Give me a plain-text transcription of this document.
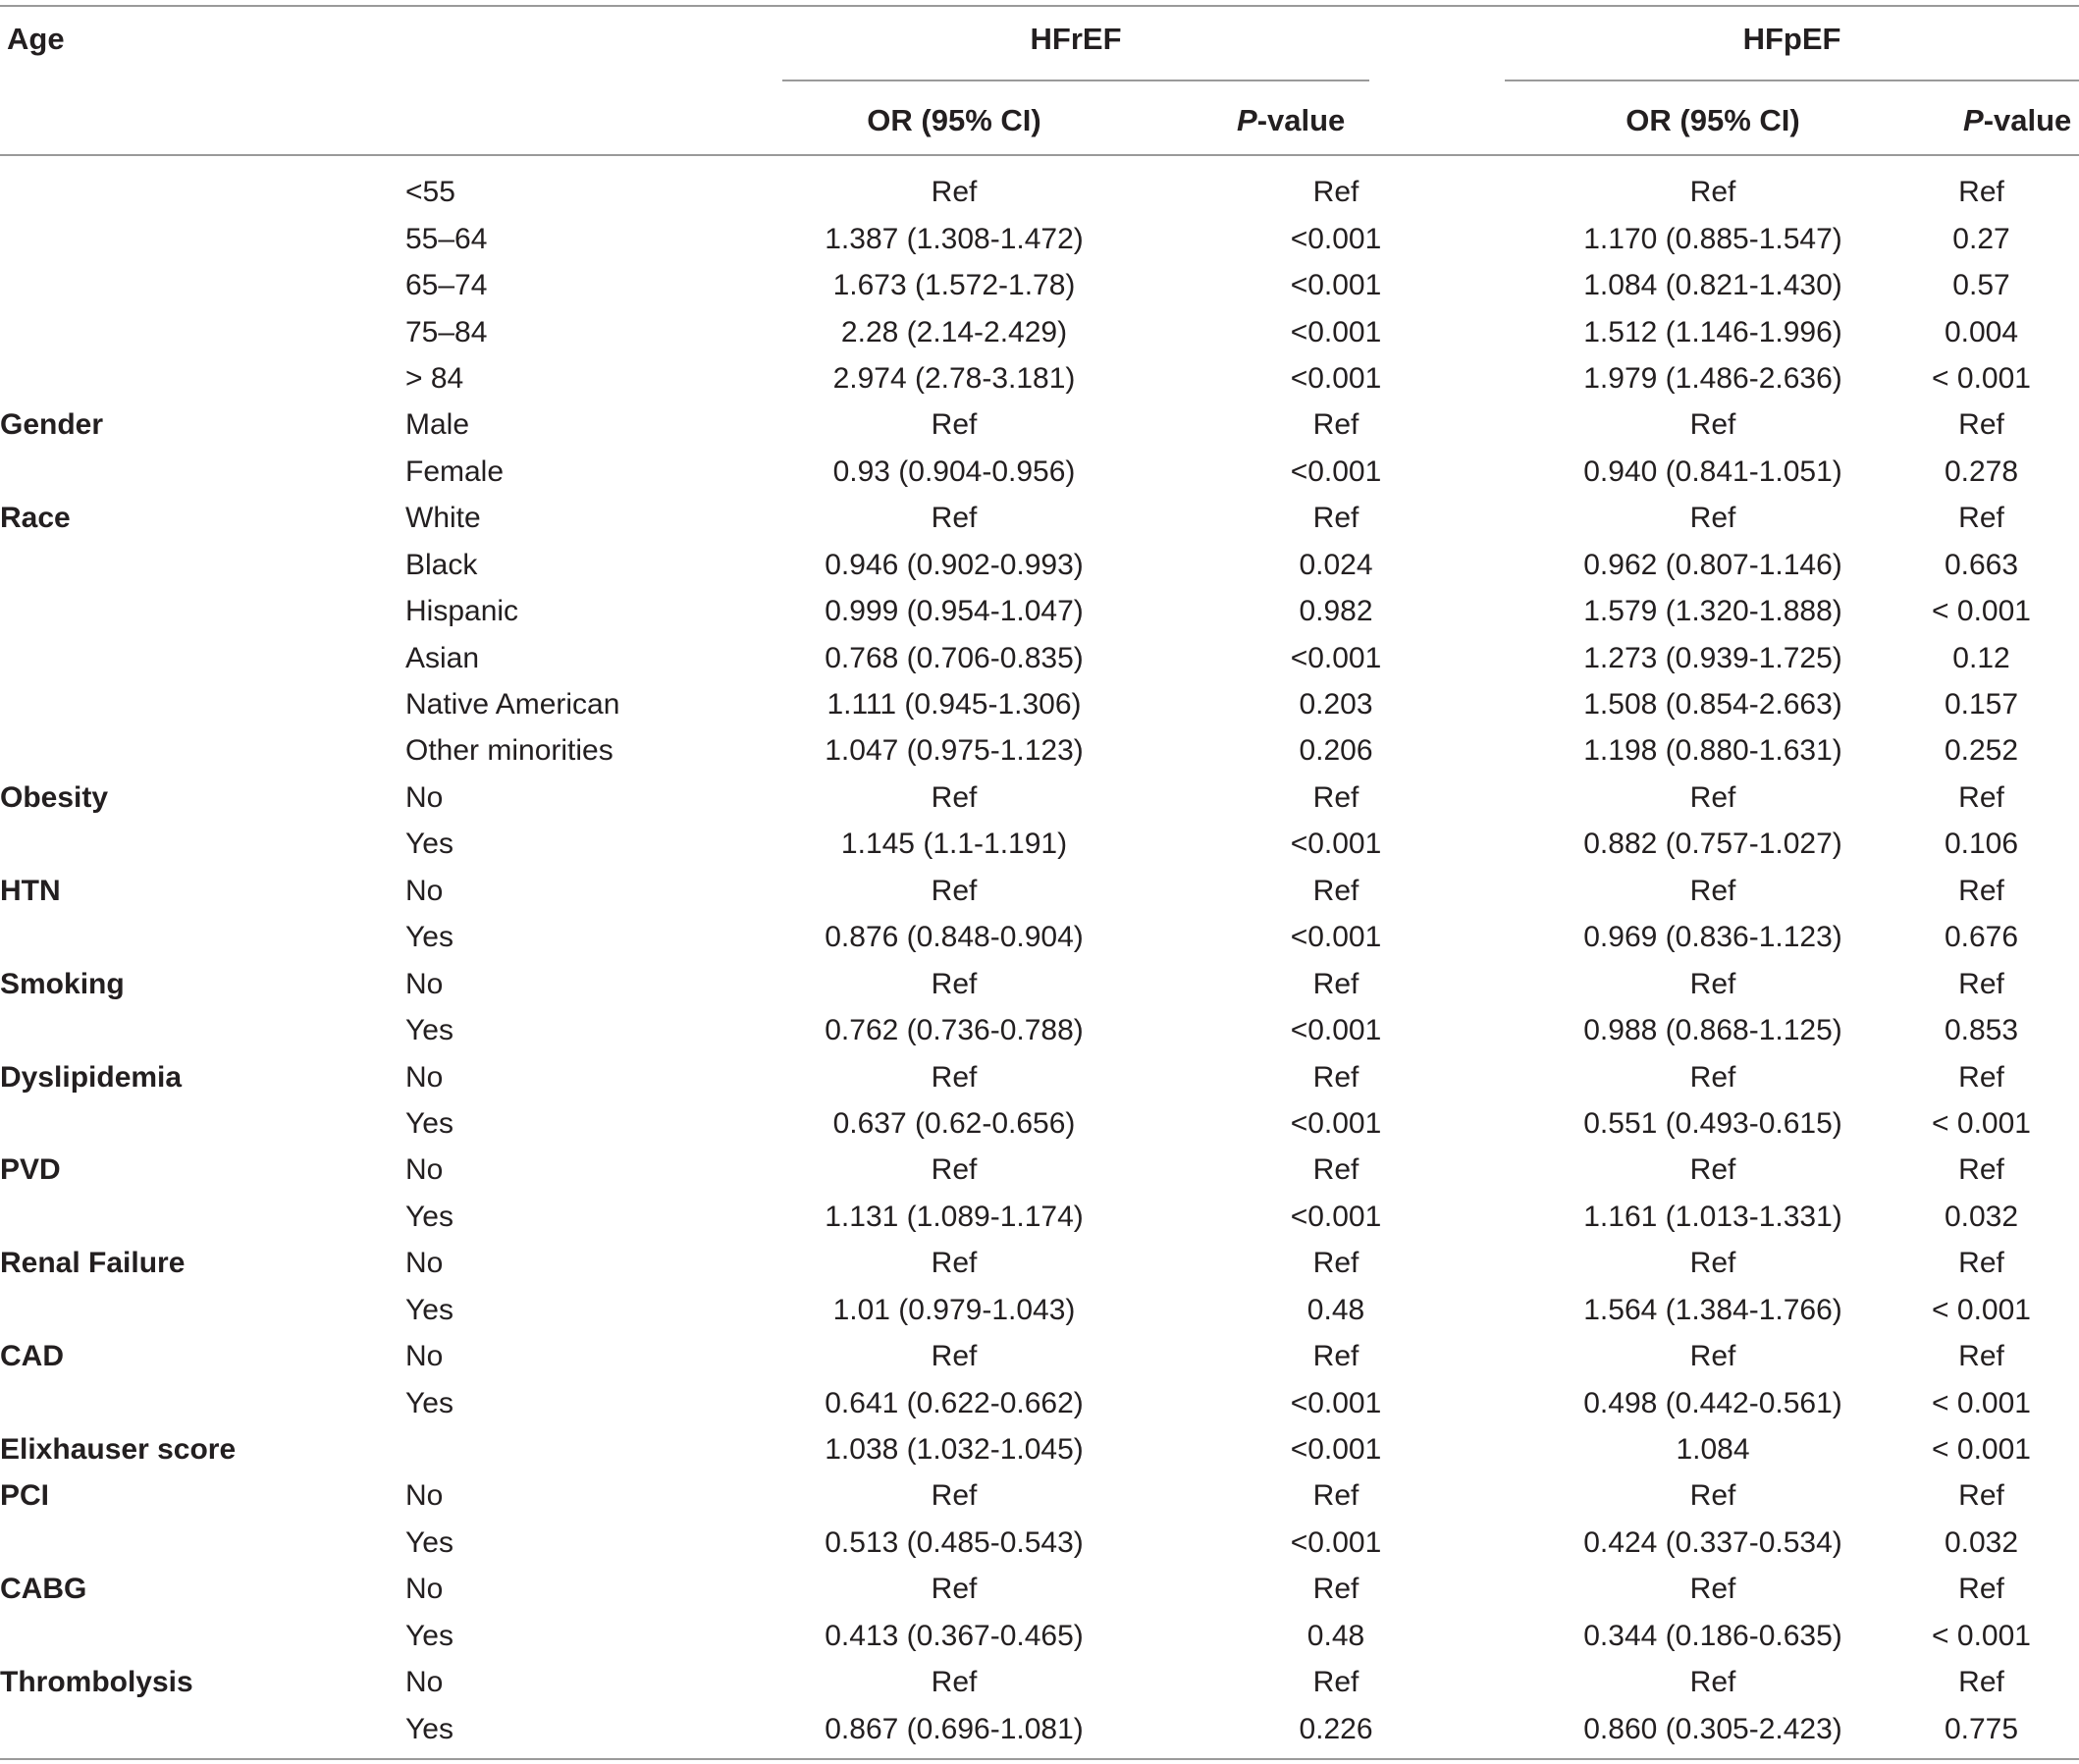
Age	HFrEF	HFpEF
OR (95% CI)	P-value	OR (95% CI)	P-value
	<55	Ref	Ref	Ref	Ref
	55–64	1.387 (1.308-1.472)	<0.001	1.170 (0.885-1.547)	0.27
	65–74	1.673 (1.572-1.78)	<0.001	1.084 (0.821-1.430)	0.57
	75–84	2.28 (2.14-2.429)	<0.001	1.512 (1.146-1.996)	0.004
	> 84	2.974 (2.78-3.181)	<0.001	1.979 (1.486-2.636)	< 0.001
Gender	Male	Ref	Ref	Ref	Ref
	Female	0.93 (0.904-0.956)	<0.001	0.940 (0.841-1.051)	0.278
Race	White	Ref	Ref	Ref	Ref
	Black	0.946 (0.902-0.993)	0.024	0.962 (0.807-1.146)	0.663
	Hispanic	0.999 (0.954-1.047)	0.982	1.579 (1.320-1.888)	< 0.001
	Asian	0.768 (0.706-0.835)	<0.001	1.273 (0.939-1.725)	0.12
	Native American	1.111 (0.945-1.306)	0.203	1.508 (0.854-2.663)	0.157
	Other minorities	1.047 (0.975-1.123)	0.206	1.198 (0.880-1.631)	0.252
Obesity	No	Ref	Ref	Ref	Ref
	Yes	1.145 (1.1-1.191)	<0.001	0.882 (0.757-1.027)	0.106
HTN	No	Ref	Ref	Ref	Ref
	Yes	0.876 (0.848-0.904)	<0.001	0.969 (0.836-1.123)	0.676
Smoking	No	Ref	Ref	Ref	Ref
	Yes	0.762 (0.736-0.788)	<0.001	0.988 (0.868-1.125)	0.853
Dyslipidemia	No	Ref	Ref	Ref	Ref
	Yes	0.637 (0.62-0.656)	<0.001	0.551 (0.493-0.615)	< 0.001
PVD	No	Ref	Ref	Ref	Ref
	Yes	1.131 (1.089-1.174)	<0.001	1.161 (1.013-1.331)	0.032
Renal Failure	No	Ref	Ref	Ref	Ref
	Yes	1.01 (0.979-1.043)	0.48	1.564 (1.384-1.766)	< 0.001
CAD	No	Ref	Ref	Ref	Ref
	Yes	0.641 (0.622-0.662)	<0.001	0.498 (0.442-0.561)	< 0.001
Elixhauser score		1.038 (1.032-1.045)	<0.001	1.084	< 0.001
PCI	No	Ref	Ref	Ref	Ref
	Yes	0.513 (0.485-0.543)	<0.001	0.424 (0.337-0.534)	0.032
CABG	No	Ref	Ref	Ref	Ref
	Yes	0.413 (0.367-0.465)	0.48	0.344 (0.186-0.635)	< 0.001
Thrombolysis	No	Ref	Ref	Ref	Ref
	Yes	0.867 (0.696-1.081)	0.226	0.860 (0.305-2.423)	0.775
